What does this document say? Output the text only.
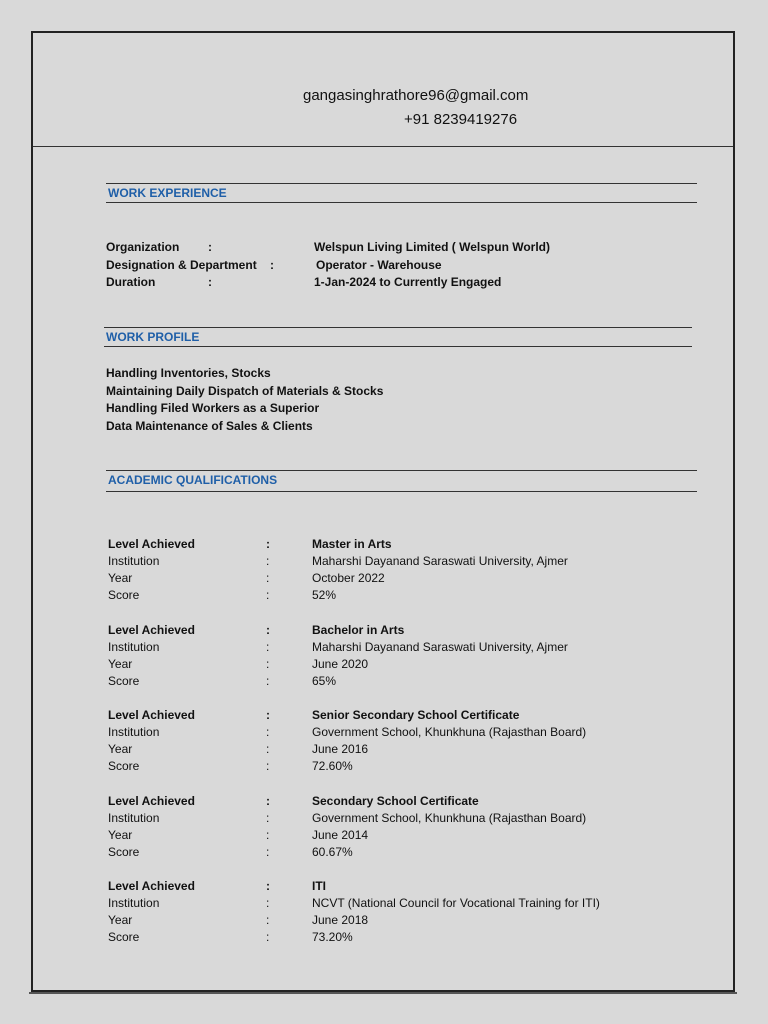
gangasinghrathore96@gmail.com
+91 8239419276
WORK EXPERIENCE
Organization :	Welspun Living Limited ( Welspun World)
Designation & Department :	Operator - Warehouse
Duration	:	1-Jan-2024 to Currently Engaged
WORK PROFILE
Handling Inventories, Stocks
Maintaining Daily Dispatch of Materials & Stocks
Handling Filed Workers as a Superior
Data Maintenance of Sales & Clients
ACADEMIC QUALIFICATIONS
Level Achieved	:	Master in Arts
Institution	:	Maharshi Dayanand Saraswati University, Ajmer
Year	:	October 2022
Score	:	52%
Level Achieved	:	Bachelor in Arts
Institution	:	Maharshi Dayanand Saraswati University, Ajmer
Year	:	June 2020
Score	:	65%
Level Achieved	:	Senior Secondary School Certificate
Institution	:	Government School, Khunkhuna (Rajasthan Board)
Year	:	June 2016
Score	:	72.60%
Level Achieved	:	Secondary School Certificate
Institution	:	Government School, Khunkhuna (Rajasthan Board)
Year	:	June 2014
Score	:	60.67%
Level Achieved	:	ITI
Institution	:	NCVT (National Council for Vocational Training for ITI)
Year	:	June 2018
Score	:	73.20%
